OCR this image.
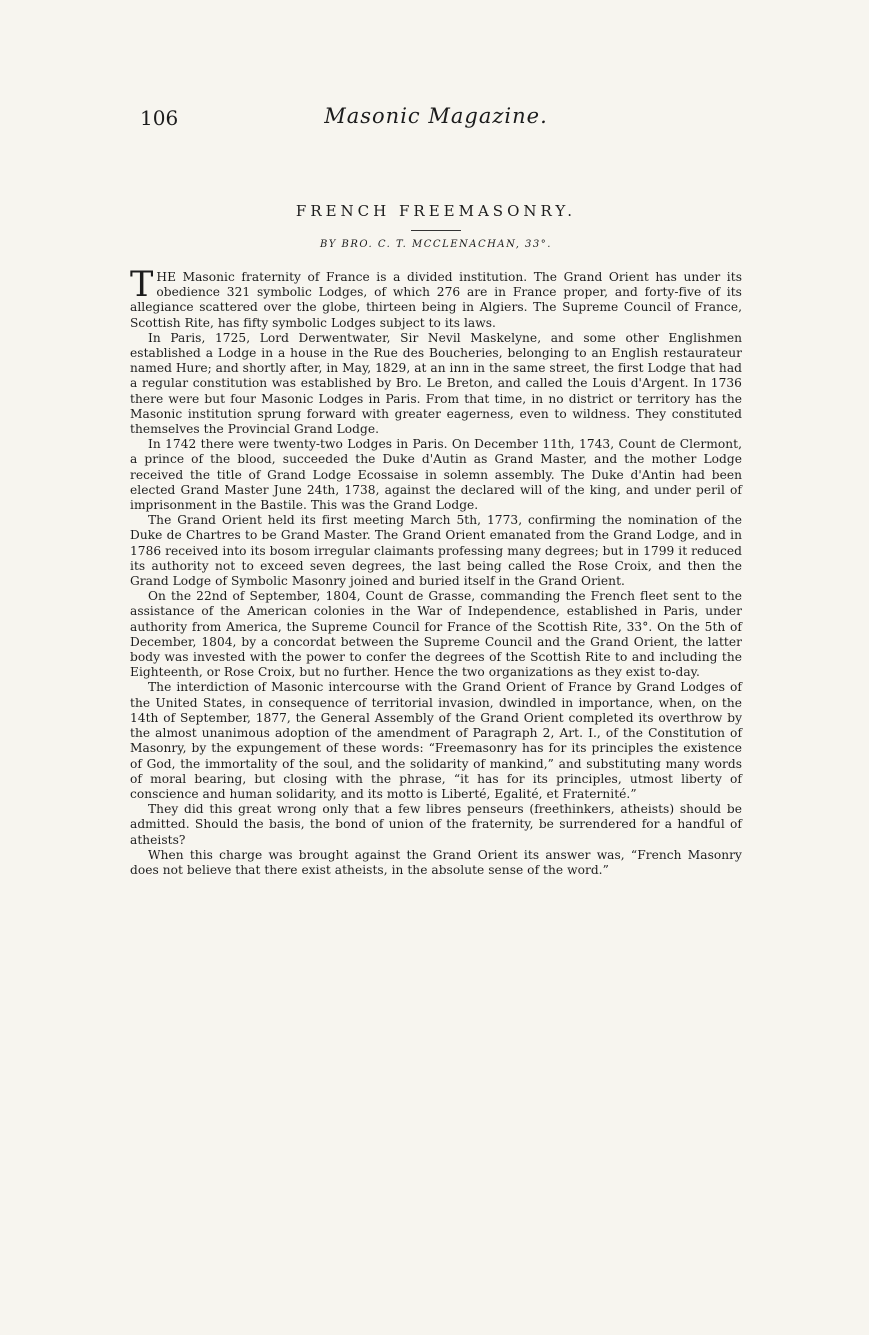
106	Masonic Magazine.
FRENCH FREEMASONRY.
BY BRO. C. T. MCCLENACHAN, 33°.

THE Masonic fraternity of France is a divided institution. The Grand Orient has under its obedience 321 symbolic Lodges, of which 276 are in France proper, and forty-five of its allegiance scattered over the globe, thirteen being in Algiers. The Supreme Council of France, Scottish Rite, has fifty symbolic Lodges subject to its laws.

In Paris, 1725, Lord Derwentwater, Sir Nevil Maskelyne, and some other Englishmen established a Lodge in a house in the Rue des Boucheries, belonging to an English restaurateur named Hure; and shortly after, in May, 1829, at an inn in the same street, the first Lodge that had a regular constitution was established by Bro. Le Breton, and called the Louis d'Argent. In 1736 there were but four Masonic Lodges in Paris. From that time, in no district or territory has the Masonic institution sprung forward with greater eagerness, even to wildness. They constituted themselves the Provincial Grand Lodge.

In 1742 there were twenty-two Lodges in Paris. On December 11th, 1743, Count de Clermont, a prince of the blood, succeeded the Duke d'Autin as Grand Master, and the mother Lodge received the title of Grand Lodge Ecossaise in solemn assembly. The Duke d'Antin had been elected Grand Master June 24th, 1738, against the declared will of the king, and under peril of imprisonment in the Bastile. This was the Grand Lodge.

The Grand Orient held its first meeting March 5th, 1773, confirming the nomination of the Duke de Chartres to be Grand Master. The Grand Orient emanated from the Grand Lodge, and in 1786 received into its bosom irregular claimants professing many degrees; but in 1799 it reduced its authority not to exceed seven degrees, the last being called the Rose Croix, and then the Grand Lodge of Symbolic Masonry joined and buried itself in the Grand Orient.

On the 22nd of September, 1804, Count de Grasse, commanding the French fleet sent to the assistance of the American colonies in the War of Independence, established in Paris, under authority from America, the Supreme Council for France of the Scottish Rite, 33°. On the 5th of December, 1804, by a concordat between the Supreme Council and the Grand Orient, the latter body was invested with the power to confer the degrees of the Scottish Rite to and including the Eighteenth, or Rose Croix, but no further. Hence the two organizations as they exist to-day.

The interdiction of Masonic intercourse with the Grand Orient of France by Grand Lodges of the United States, in consequence of territorial invasion, dwindled in importance, when, on the 14th of September, 1877, the General Assembly of the Grand Orient completed its overthrow by the almost unanimous adoption of the amendment of Paragraph 2, Art. I., of the Constitution of Masonry, by the expungement of these words: “Freemasonry has for its principles the existence of God, the immortality of the soul, and the solidarity of mankind,” and substituting many words of moral bearing, but closing with the phrase, “it has for its principles, utmost liberty of conscience and human solidarity, and its motto is Liberté, Egalité, et Fraternité.”

They did this great wrong only that a few libres penseurs (freethinkers, atheists) should be admitted. Should the basis, the bond of union of the fraternity, be surrendered for a handful of atheists?

When this charge was brought against the Grand Orient its answer was, “French Masonry does not believe that there exist atheists, in the absolute sense of the word.”
